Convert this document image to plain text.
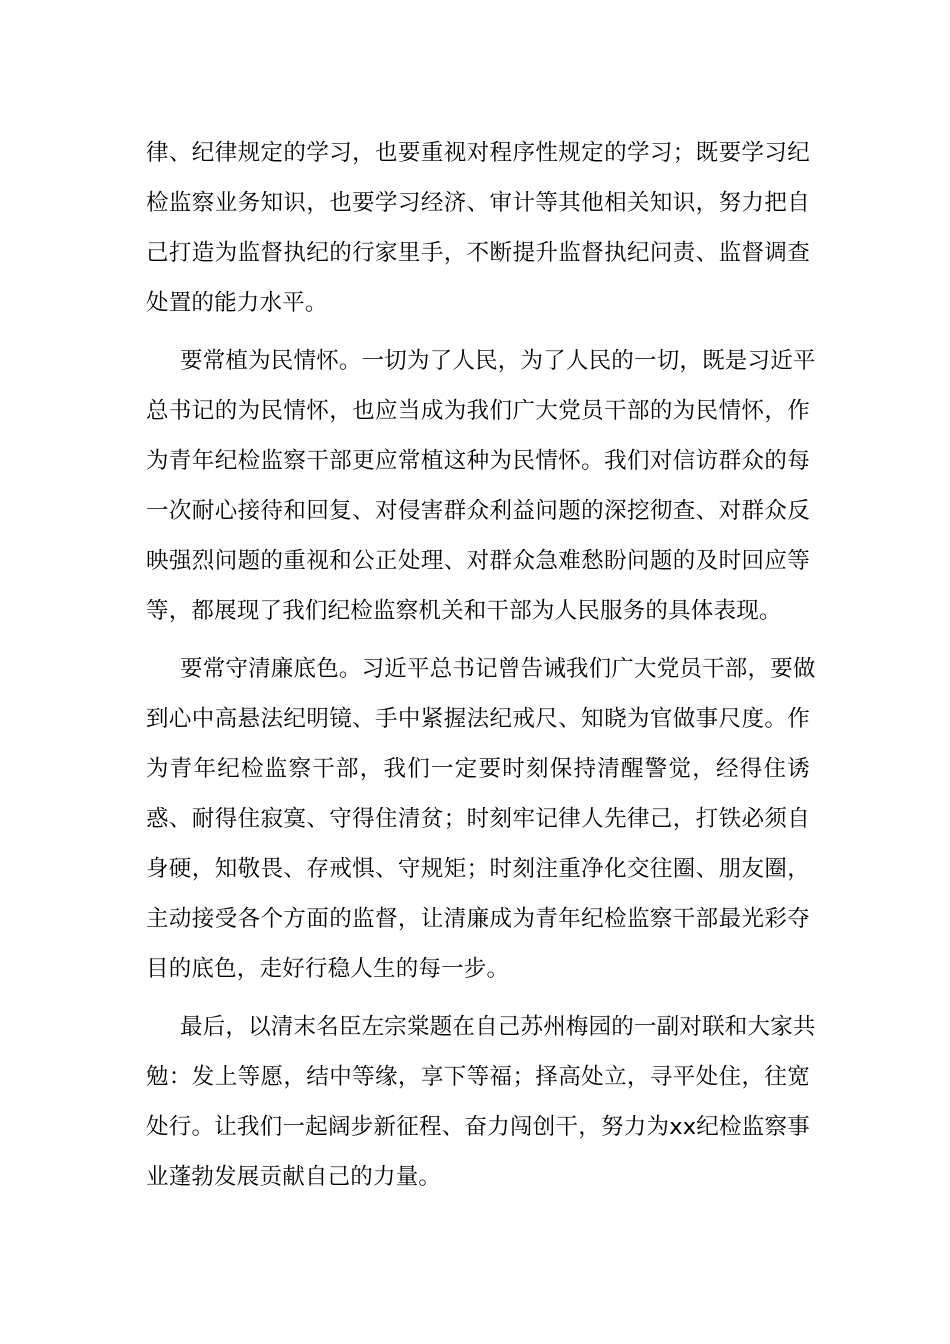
律、纪律规定的学习，也要重视对程序性规定的学习；既要学习纪
检监察业务知识，也要学习经济、审计等其他相关知识，努力把自
己打造为监督执纪的行家里手，不断提升监督执纪问责、监督调查
处置的能力水平。
要常植为民情怀。一切为了人民，为了人民的一切，既是习近平
总书记的为民情怀，也应当成为我们广大党员干部的为民情怀，作
为青年纪检监察干部更应常植这种为民情怀。我们对信访群众的每
一次耐心接待和回复、对侵害群众利益问题的深挖彻查、对群众反
映强烈问题的重视和公正处理、对群众急难愁盼问题的及时回应等
等，都展现了我们纪检监察机关和干部为人民服务的具体表现。
要常守清廉底色。习近平总书记曾告诫我们广大党员干部，要做
到心中高悬法纪明镜、手中紧握法纪戒尺、知晓为官做事尺度。作
为青年纪检监察干部，我们一定要时刻保持清醒警觉，经得住诱
惑、耐得住寂寞、守得住清贫；时刻牢记律人先律己，打铁必须自
身硬，知敬畏、存戒惧、守规矩；时刻注重净化交往圈、朋友圈，
主动接受各个方面的监督，让清廉成为青年纪检监察干部最光彩夺
目的底色，走好行稳人生的每一步。
最后，以清末名臣左宗棠题在自己苏州梅园的一副对联和大家共
勉：发上等愿，结中等缘，享下等福；择高处立，寻平处住，往宽
处行。让我们一起阔步新征程、奋力闯创干，努力为xx纪检监察事
业蓬勃发展贡献自己的力量。
